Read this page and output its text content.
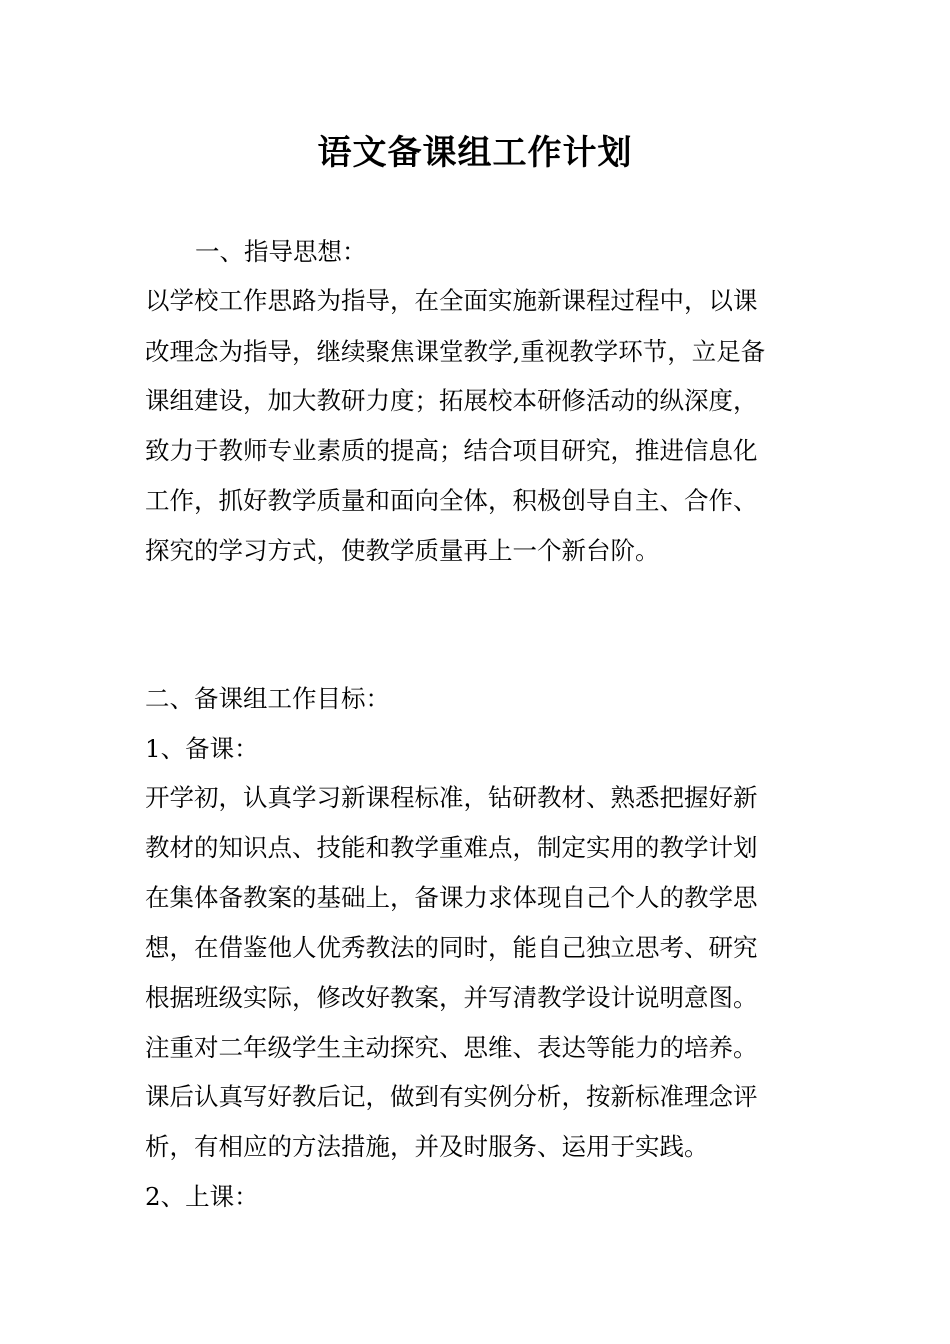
语文备课组工作计划

一、指导思想：

以学校工作思路为指导，在全面实施新课程过程中，以课

改理念为指导，继续聚焦课堂教学,重视教学环节，立足备

课组建设，加大教研力度；拓展校本研修活动的纵深度，

致力于教师专业素质的提高；结合项目研究，推进信息化

工作，抓好教学质量和面向全体，积极创导自主、合作、

探究的学习方式，使教学质量再上一个新台阶。

二、备课组工作目标：

1、备课：

开学初，认真学习新课程标准，钻研教材、熟悉把握好新

教材的知识点、技能和教学重难点，制定实用的教学计划

在集体备教案的基础上，备课力求体现自己个人的教学思

想，在借鉴他人优秀教法的同时，能自己独立思考、研究

根据班级实际，修改好教案，并写清教学设计说明意图。

注重对二年级学生主动探究、思维、表达等能力的培养。

课后认真写好教后记，做到有实例分析，按新标准理念评

析，有相应的方法措施，并及时服务、运用于实践。

2、上课：
